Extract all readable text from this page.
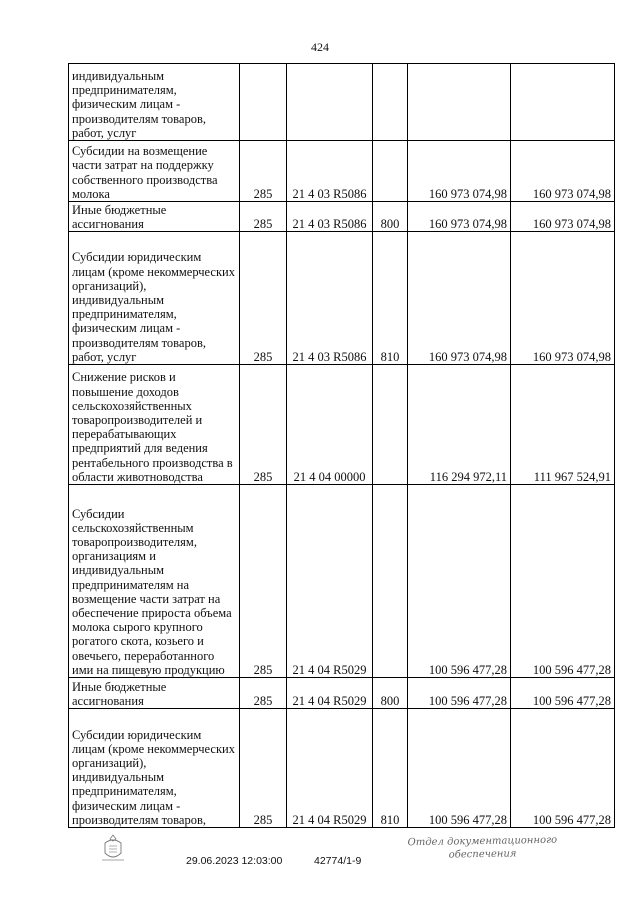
424
индивидуальным предпринимателям, физическим лицам - производителям товаров, работ, услуг					
Субсидии на возмещение части затрат на поддержку собственного производства молока	285	21 4 03 R5086		160 973 074,98	160 973 074,98
Иные бюджетные ассигнования	285	21 4 03 R5086	800	160 973 074,98	160 973 074,98
Субсидии юридическим лицам (кроме некоммерческих организаций), индивидуальным предпринимателям, физическим лицам - производителям товаров, работ, услуг	285	21 4 03 R5086	810	160 973 074,98	160 973 074,98
Снижение рисков и повышение доходов сельскохозяйственных товаропроизводителей и перерабатывающих предприятий для ведения рентабельного производства в области животноводства	285	21 4 04 00000		116 294 972,11	111 967 524,91
Субсидии сельскохозяйственным товаропроизводителям, организациям и индивидуальным предпринимателям на возмещение части затрат на обеспечение прироста объема молока сырого крупного рогатого скота, козьего и овечьего, переработанного ими на пищевую продукцию	285	21 4 04 R5029		100 596 477,28	100 596 477,28
Иные бюджетные ассигнования	285	21 4 04 R5029	800	100 596 477,28	100 596 477,28
Субсидии юридическим лицам (кроме некоммерческих организаций), индивидуальным предпринимателям, физическим лицам - производителям товаров,	285	21 4 04 R5029	810	100 596 477,28	100 596 477,28
29.06.2023 12:03:00	42774/1-9
Отдел документационного
обеспечения
